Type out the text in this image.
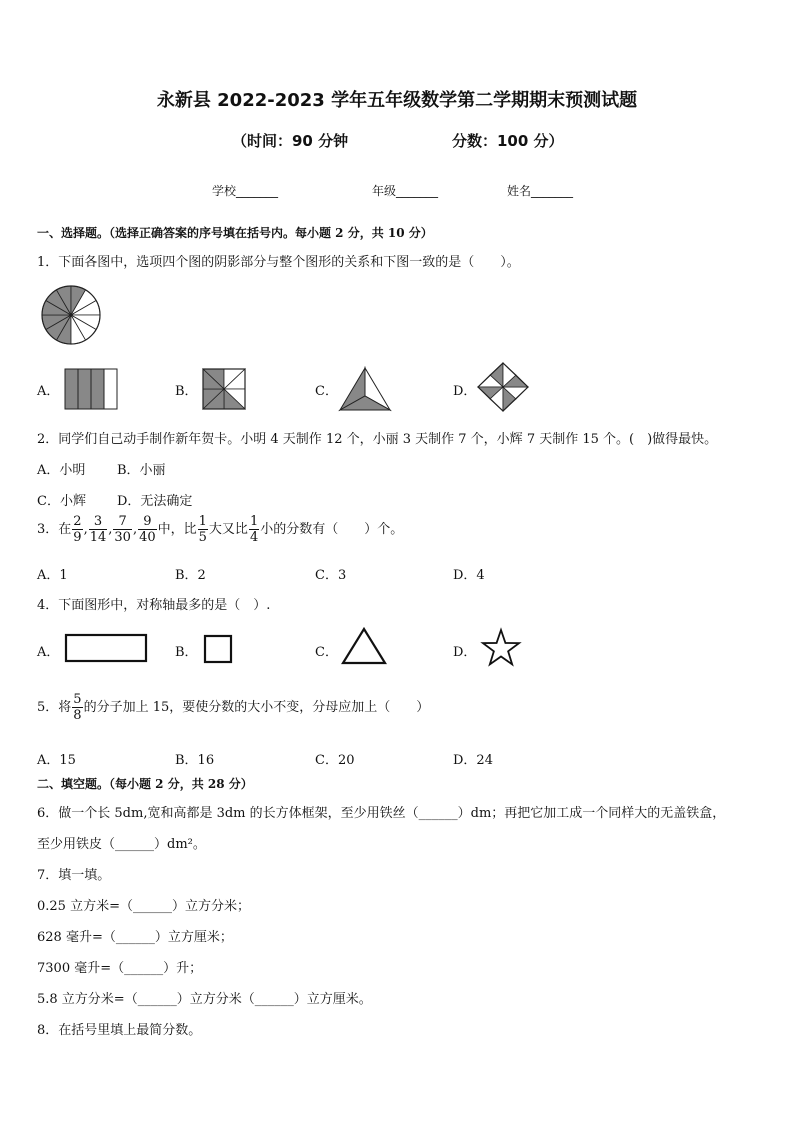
永新县 2022-2023 学年五年级数学第二学期期末预测试题
（时间：90 分钟	分数：100 分）
学校_______	年级_______	姓名_______
一、选择题。（选择正确答案的序号填在括号内。每小题 2 分，共 10 分）
1．下面各图中，选项四个图的阴影部分与整个图形的关系和下图一致的是（　　）。
A．	B．	C．	D．
2．同学们自己动手制作新年贺卡。小明 4 天制作 12 个，小丽 3 天制作 7 个，小辉 7 天制作 15 个。(　)做得最快。
A．小明 B．小丽
C．小辉 D．无法确定
3．在 $\frac{2}{9}$ , $\frac{3}{14}$ , $\frac{7}{30}$ , $\frac{9}{40}$ 中，比 $\frac{1}{5}$ 大又比 $\frac{1}{4}$ 小的分数有（　　）个。
A．1	B．2	C．3	D．4
4．下面图形中，对称轴最多的是（　）.
A．	B．	C．	D．
5．将 $\frac{5}{8}$ 的分子加上 15，要使分数的大小不变，分母应加上（　　）
A．15	B．16	C．20	D．24
二、填空题。（每小题 2 分，共 28 分）
6．做一个长 5dm,宽和高都是 3dm 的长方体框架，至少用铁丝（______）dm；再把它加工成一个同样大的无盖铁盒，
至少用铁皮（______）dm²。
7．填一填。
0.25 立方米=（______）立方分米；
628 毫升=（______）立方厘米；
7300 毫升=（______）升；
5.8 立方分米=（______）立方分米（______）立方厘米。
8．在括号里填上最简分数。
